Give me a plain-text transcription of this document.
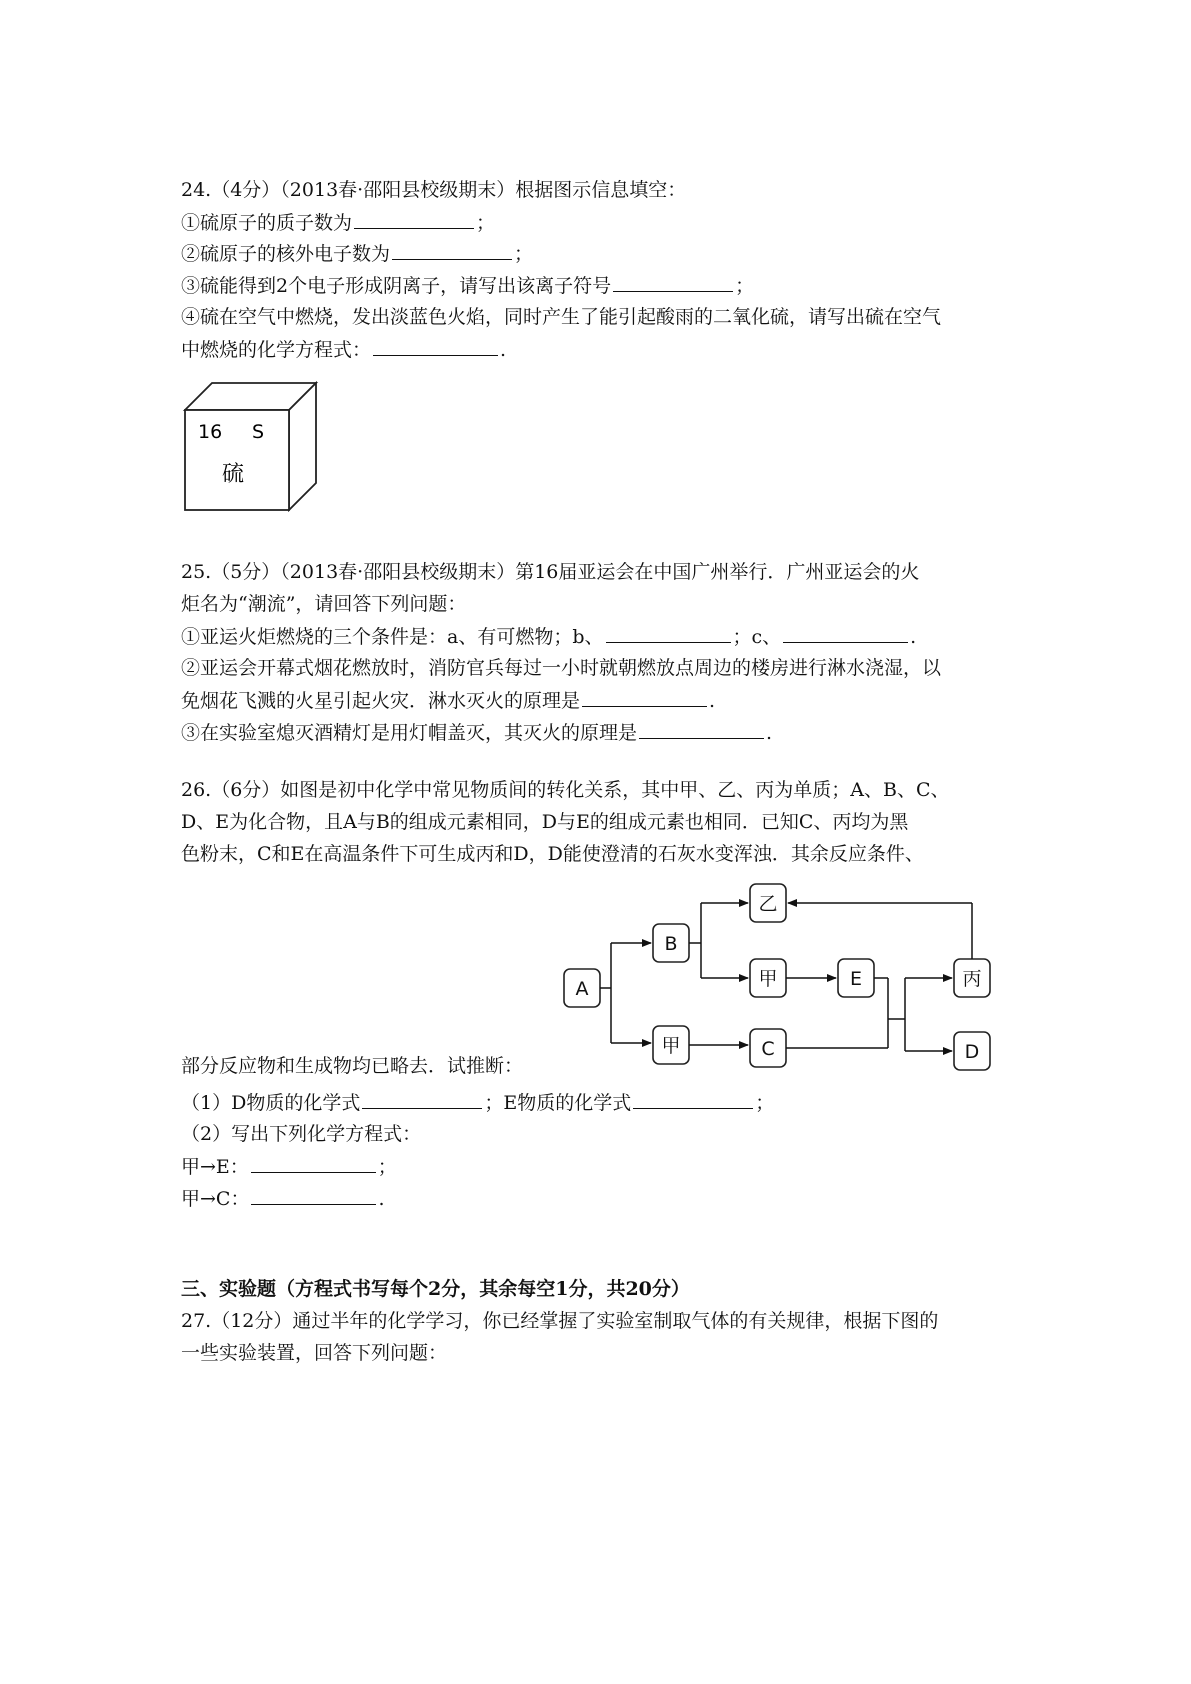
24.（4分）（2013春·邵阳县校级期末）根据图示信息填空：
①硫原子的质子数为	；
②硫原子的核外电子数为	；
③硫能得到2个电子形成阴离子，请写出该离子符号	；
④硫在空气中燃烧，发出淡蓝色火焰，同时产生了能引起酸雨的二氧化硫，请写出硫在空气
中燃烧的化学方程式：	.
16 S
硫
25.（5分）（2013春·邵阳县校级期末）第16届亚运会在中国广州举行．广州亚运会的火
炬名为“潮流”，请回答下列问题：
①亚运火炬燃烧的三个条件是：a、有可燃物；b、	；c、	.
②亚运会开幕式烟花燃放时，消防官兵每过一小时就朝燃放点周边的楼房进行淋水浇湿，以
免烟花飞溅的火星引起火灾．淋水灭火的原理是	.
③在实验室熄灭酒精灯是用灯帽盖灭，其灭火的原理是	.
26.（6分）如图是初中化学中常见物质间的转化关系，其中甲、乙、丙为单质；A、B、C、
D、E为化合物，且A与B的组成元素相同，D与E的组成元素也相同．已知C、丙均为黑
色粉末，C和E在高温条件下可生成丙和D，D能使澄清的石灰水变浑浊．其余反应条件、
A
B
甲
乙
甲
C
E	丙
D
部分反应物和生成物均已略去．试推断：
（1）D物质的化学式	；E物质的化学式	；
（2）写出下列化学方程式：
甲→E：	；
甲→C：	.
三、实验题（方程式书写每个2分，其余每空1分，共20分）
27.（12分）通过半年的化学学习，你已经掌握了实验室制取气体的有关规律，根据下图的
一些实验装置，回答下列问题：
